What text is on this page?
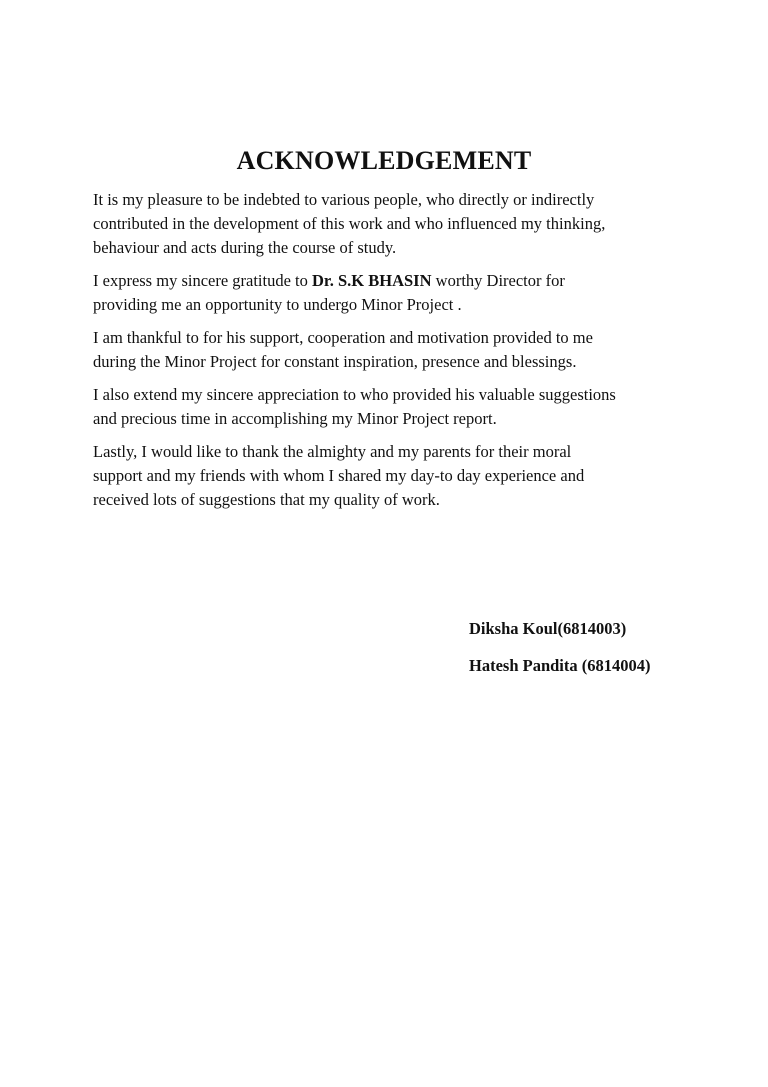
ACKNOWLEDGEMENT

It is my pleasure to be indebted to various people, who directly or indirectly
contributed in the development of this work and who influenced my thinking,
behaviour and acts during the course of study.

I express my sincere gratitude to Dr. S.K BHASIN worthy Director for
providing me an opportunity to undergo Minor Project .

I am thankful to for his support, cooperation and motivation provided to me
during the Minor Project for constant inspiration, presence and blessings.

I also extend my sincere appreciation to who provided his valuable suggestions
and precious time in accomplishing my Minor Project report.

Lastly, I would like to thank the almighty and my parents for their moral
support and my friends with whom I shared my day-to day experience and
received lots of suggestions that my quality of work.

Diksha Koul(6814003)
Hatesh Pandita (6814004)
